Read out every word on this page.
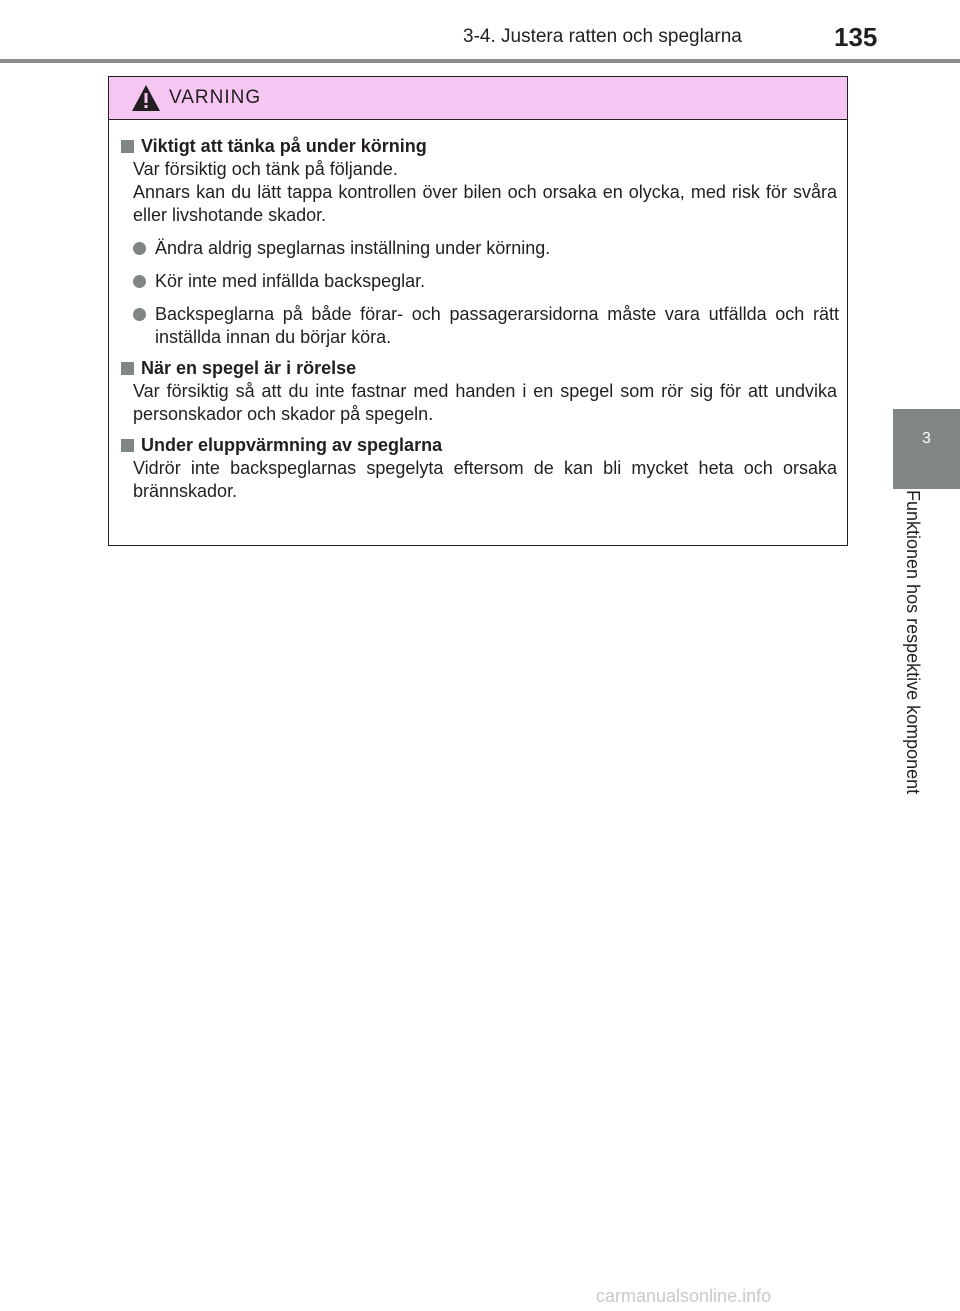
3-4. Justera ratten och speglarna	135
3
Funktionen hos respektive komponent
VARNING
Viktigt att tänka på under körning
Var försiktig och tänk på följande.
Annars kan du lätt tappa kontrollen över bilen och orsaka en olycka, med risk för svåra eller livshotande skador.
Ändra aldrig speglarnas inställning under körning.
Kör inte med infällda backspeglar.
Backspeglarna på både förar- och passagerarsidorna måste vara utfällda och rätt inställda innan du börjar köra.
När en spegel är i rörelse
Var försiktig så att du inte fastnar med handen i en spegel som rör sig för att undvika personskador och skador på spegeln.
Under eluppvärmning av speglarna
Vidrör inte backspeglarnas spegelyta eftersom de kan bli mycket heta och orsaka brännskador.
carmanualsonline.info
